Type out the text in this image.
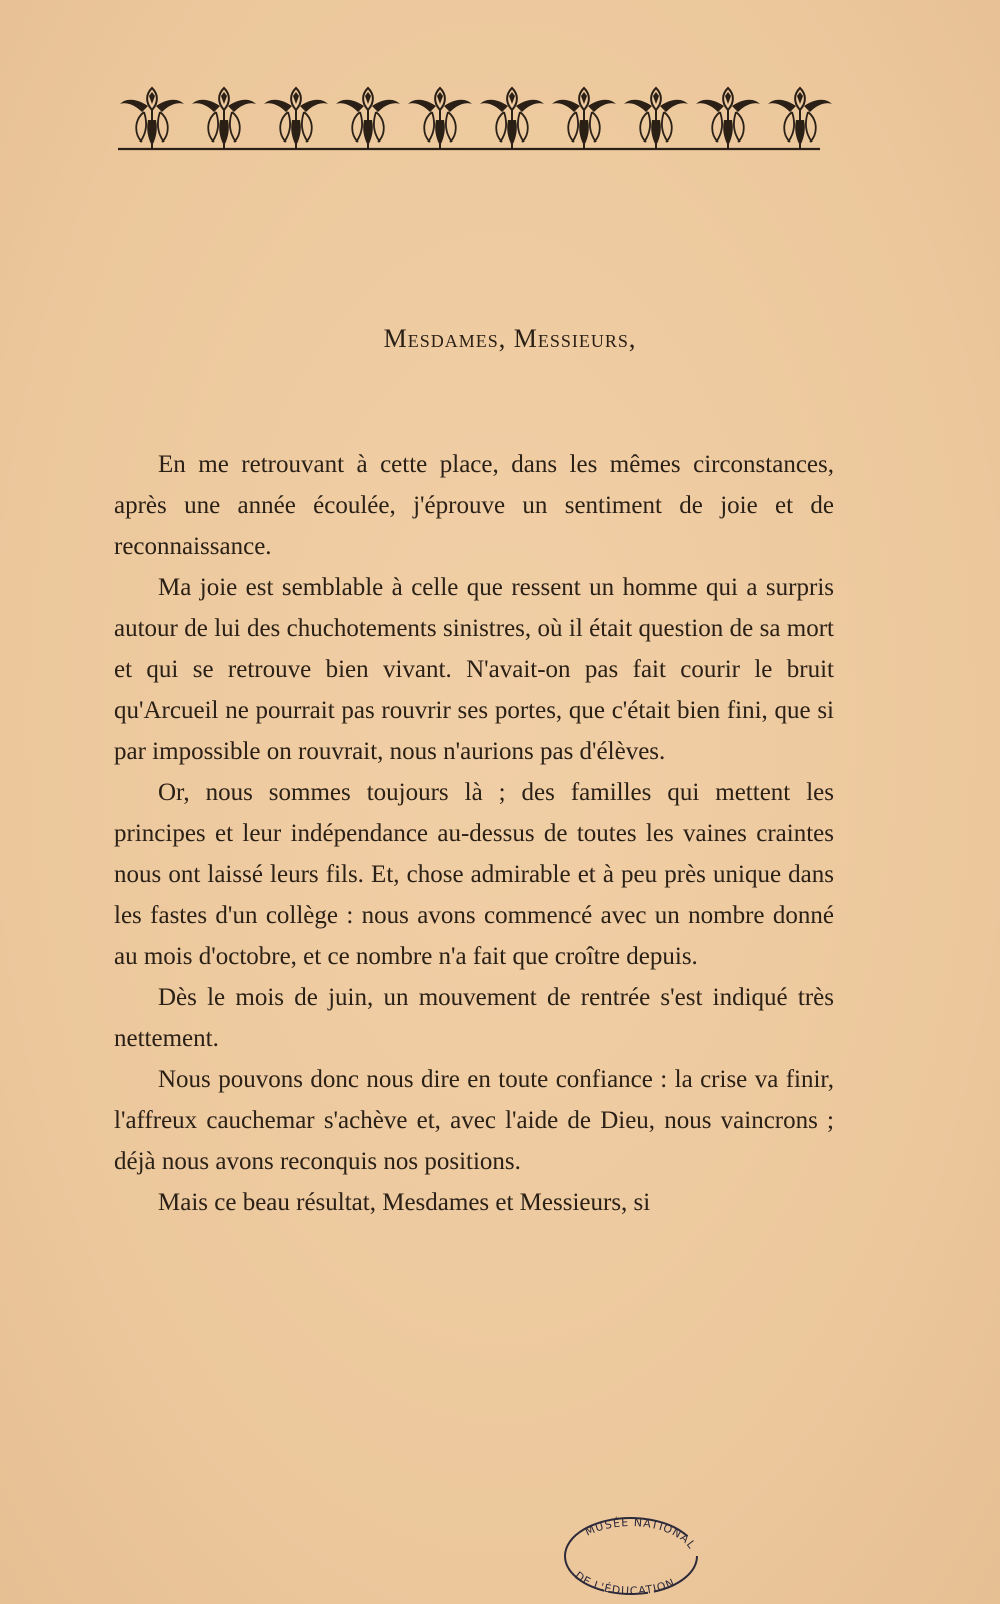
Mesdames, Messieurs,

En me retrouvant à cette place, dans les mêmes circonstances, après une année écoulée, j'éprouve un sentiment de joie et de reconnaissance.

Ma joie est semblable à celle que ressent un homme qui a surpris autour de lui des chuchotements sinistres, où il était question de sa mort et qui se retrouve bien vivant. N'avait-on pas fait courir le bruit qu'Arcueil ne pourrait pas rouvrir ses portes, que c'était bien fini, que si par impossible on rouvrait, nous n'aurions pas d'élèves.

Or, nous sommes toujours là ; des familles qui mettent les principes et leur indépendance au-dessus de toutes les vaines craintes nous ont laissé leurs fils. Et, chose admirable et à peu près unique dans les fastes d'un collège : nous avons commencé avec un nombre donné au mois d'octobre, et ce nombre n'a fait que croître depuis.

Dès le mois de juin, un mouvement de rentrée s'est indiqué très nettement.

Nous pouvons donc nous dire en toute confiance : la crise va finir, l'affreux cauchemar s'achève et, avec l'aide de Dieu, nous vaincrons ; déjà nous avons reconquis nos positions.

Mais ce beau résultat, Mesdames et Messieurs, si

MUSÉE NATIONAL
DE L'ÉDUCATION
